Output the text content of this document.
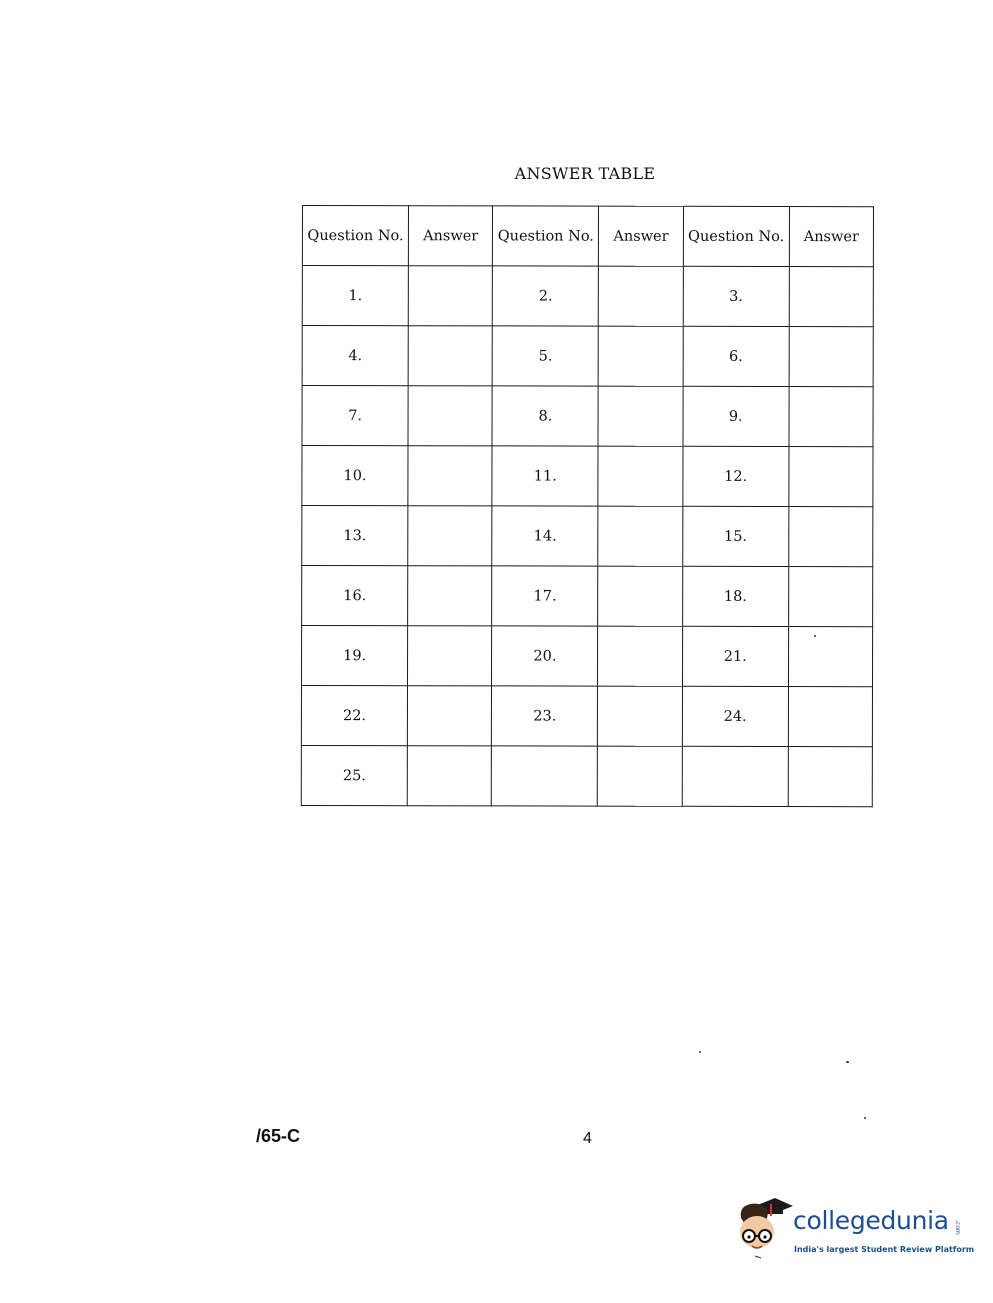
ANSWER TABLE
Question No.	Answer	Question No.	Answer	Question No.	Answer
1.		2.		3.	
4.		5.		6.	
7.		8.		9.	
10.		11.		12.	
13.		14.		15.	
16.		17.		18.	
19.		20.		21.	
22.		23.		24.	
25.					
/65-C	4
collegedunia .com
India's largest Student Review Platform
